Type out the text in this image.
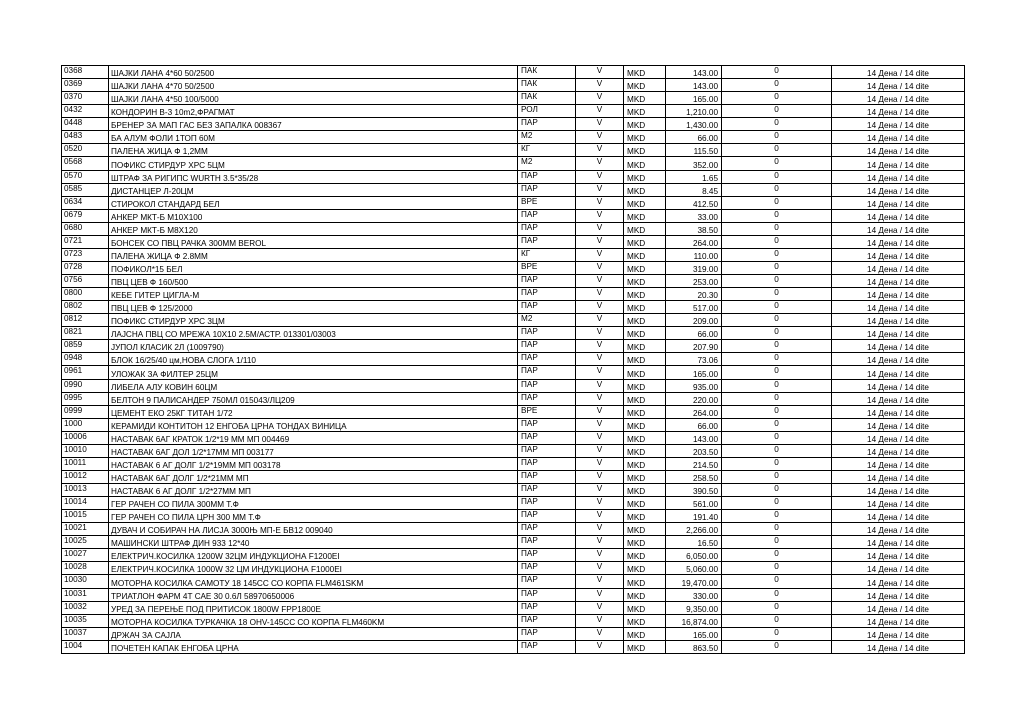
0368	ШАЈКИ ЛАНА 4*60 50/2500	ПАК	V	MKD	143.00	0	14 Дена / 14 dite
0369	ШАЈКИ ЛАНА 4*70 50/2500	ПАК	V	MKD	143.00	0	14 Дена / 14 dite
0370	ШАЈКИ ЛАНА 4*50 100/5000	ПАК	V	MKD	165.00	0	14 Дена / 14 dite
0432	КОНДОРИН B-3 10m2,ФРАГМАТ	РОЛ	V	MKD	1,210.00	0	14 Дена / 14 dite
0448	БРЕНЕР ЗА МАП ГАС БЕЗ ЗАПАЛКА 008367	ПАР	V	MKD	1,430.00	0	14 Дена / 14 dite
0483	БА АЛУМ ФОЛИ 1ТОП 60М	М2	V	MKD	66.00	0	14 Дена / 14 dite
0520	ПАЛЕНА ЖИЦА Ф 1,2ММ	КГ	V	MKD	115.50	0	14 Дена / 14 dite
0568	ПОФИКС СТИРДУР XPC 5ЦМ	М2	V	MKD	352.00	0	14 Дена / 14 dite
0570	ШТРАФ ЗА РИГИПС WURTH 3.5*35/28	ПАР	V	MKD	1.65	0	14 Дена / 14 dite
0585	ДИСТАНЦЕР Л-20ЦМ	ПАР	V	MKD	8.45	0	14 Дена / 14 dite
0634	СТИРОКОЛ СТАНДАРД БЕЛ	ВРЕ	V	MKD	412.50	0	14 Дена / 14 dite
0679	АНКЕР МКТ-Б М10Х100	ПАР	V	MKD	33.00	0	14 Дена / 14 dite
0680	АНКЕР МКТ-Б М8Х120	ПАР	V	MKD	38.50	0	14 Дена / 14 dite
0721	БОНСЕК СО ПВЦ РАЧКА 300ММ BEROL	ПАР	V	MKD	264.00	0	14 Дена / 14 dite
0723	ПАЛЕНА ЖИЦА Ф 2.8ММ	КГ	V	MKD	110.00	0	14 Дена / 14 dite
0728	ПОФИКОЛ*15 БЕЛ	ВРЕ	V	MKD	319.00	0	14 Дена / 14 dite
0756	ПВЦ ЦЕВ Ф 160/500	ПАР	V	MKD	253.00	0	14 Дена / 14 dite
0800	КЕБЕ ГИТЕР ЦИГЛА-М	ПАР	V	MKD	20.30	0	14 Дена / 14 dite
0802	ПВЦ ЦЕВ Ф 125/2000	ПАР	V	MKD	517.00	0	14 Дена / 14 dite
0812	ПОФИКС СТИРДУР XPC 3ЦМ	М2	V	MKD	209.00	0	14 Дена / 14 dite
0821	ЛАЈСНА ПВЦ СО МРЕЖА 10Х10 2.5М/АСТР. 013301/03003	ПАР	V	MKD	66.00	0	14 Дена / 14 dite
0859	ЈУПОЛ КЛАСИК 2Л (1009790)	ПАР	V	MKD	207.90	0	14 Дена / 14 dite
0948	БЛОК 16/25/40 цм,НОВА СЛОГА 1/110	ПАР	V	MKD	73.06	0	14 Дена / 14 dite
0961	УЛОЖАК ЗА ФИЛТЕР 25ЦМ	ПАР	V	MKD	165.00	0	14 Дена / 14 dite
0990	ЛИБЕЛА АЛУ КОВИН 60ЦМ	ПАР	V	MKD	935.00	0	14 Дена / 14 dite
0995	БЕЛТОН 9 ПАЛИСАНДЕР 750МЛ 015043/ЛЦ209	ПАР	V	MKD	220.00	0	14 Дена / 14 dite
0999	ЦЕМЕНТ ЕКО 25КГ ТИТАН 1/72	ВРЕ	V	MKD	264.00	0	14 Дена / 14 dite
1000	КЕРАМИДИ КОНТИТОН 12 ЕНГОБА ЦРНА ТОНДАХ ВИНИЦА	ПАР	V	MKD	66.00	0	14 Дена / 14 dite
10006	НАСТАВАК 6АГ КРАТОК 1/2*19 ММ МП 004469	ПАР	V	MKD	143.00	0	14 Дена / 14 dite
10010	НАСТАВАК 6АГ ДОЛ 1/2*17ММ МП 003177	ПАР	V	MKD	203.50	0	14 Дена / 14 dite
10011	НАСТАВАК 6 АГ ДОЛГ 1/2*19ММ МП 003178	ПАР	V	MKD	214.50	0	14 Дена / 14 dite
10012	НАСТАВАК 6АГ ДОЛГ 1/2*21ММ МП	ПАР	V	MKD	258.50	0	14 Дена / 14 dite
10013	НАСТАВАК 6 АГ ДОЛГ 1/2*27ММ МП	ПАР	V	MKD	390.50	0	14 Дена / 14 dite
10014	ГЕР РАЧЕН СО ПИЛА 300ММ Т.Ф	ПАР	V	MKD	561.00	0	14 Дена / 14 dite
10015	ГЕР РАЧЕН СО ПИЛА ЦРН 300 ММ Т.Ф	ПАР	V	MKD	191.40	0	14 Дена / 14 dite
10021	ДУВАЧ И СОБИРАЧ НА ЛИСЈА 3000Њ МП-Е БВ12 009040	ПАР	V	MKD	2,266.00	0	14 Дена / 14 dite
10025	МАШИНСКИ ШТРАФ ДИН 933 12*40	ПАР	V	MKD	16.50	0	14 Дена / 14 dite
10027	ЕЛЕКТРИЧ.КОСИЛКА 1200W 32ЦМ ИНДУКЦИОНА F1200EI	ПАР	V	MKD	6,050.00	0	14 Дена / 14 dite
10028	ЕЛЕКТРИЧ.КОСИЛКА 1000W 32 ЦМ ИНДУКЦИОНА F1000EI	ПАР	V	MKD	5,060.00	0	14 Дена / 14 dite
10030	МОТОРНА КОСИЛКА САМОТУ 18 145CC СО КОРПА FLM461SKM	ПАР	V	MKD	19,470.00	0	14 Дена / 14 dite
10031	ТРИАТЛОН ФАРМ 4Т САЕ 30 0.6Л 58970650006	ПАР	V	MKD	330.00	0	14 Дена / 14 dite
10032	УРЕД ЗА ПЕРЕЊЕ ПОД ПРИТИСОК 1800W FPP1800E	ПАР	V	MKD	9,350.00	0	14 Дена / 14 dite
10035	МОТОРНА КОСИЛКА ТУРКАЧКА 18 OHV-145CC СО КОРПА FLM460KM	ПАР	V	MKD	16,874.00	0	14 Дена / 14 dite
10037	ДРЖАЧ ЗА САЈЛА	ПАР	V	MKD	165.00	0	14 Дена / 14 dite
1004	ПОЧЕТЕН КАПАК ЕНГОБА ЦРНА	ПАР	V	MKD	863.50	0	14 Дена / 14 dite
